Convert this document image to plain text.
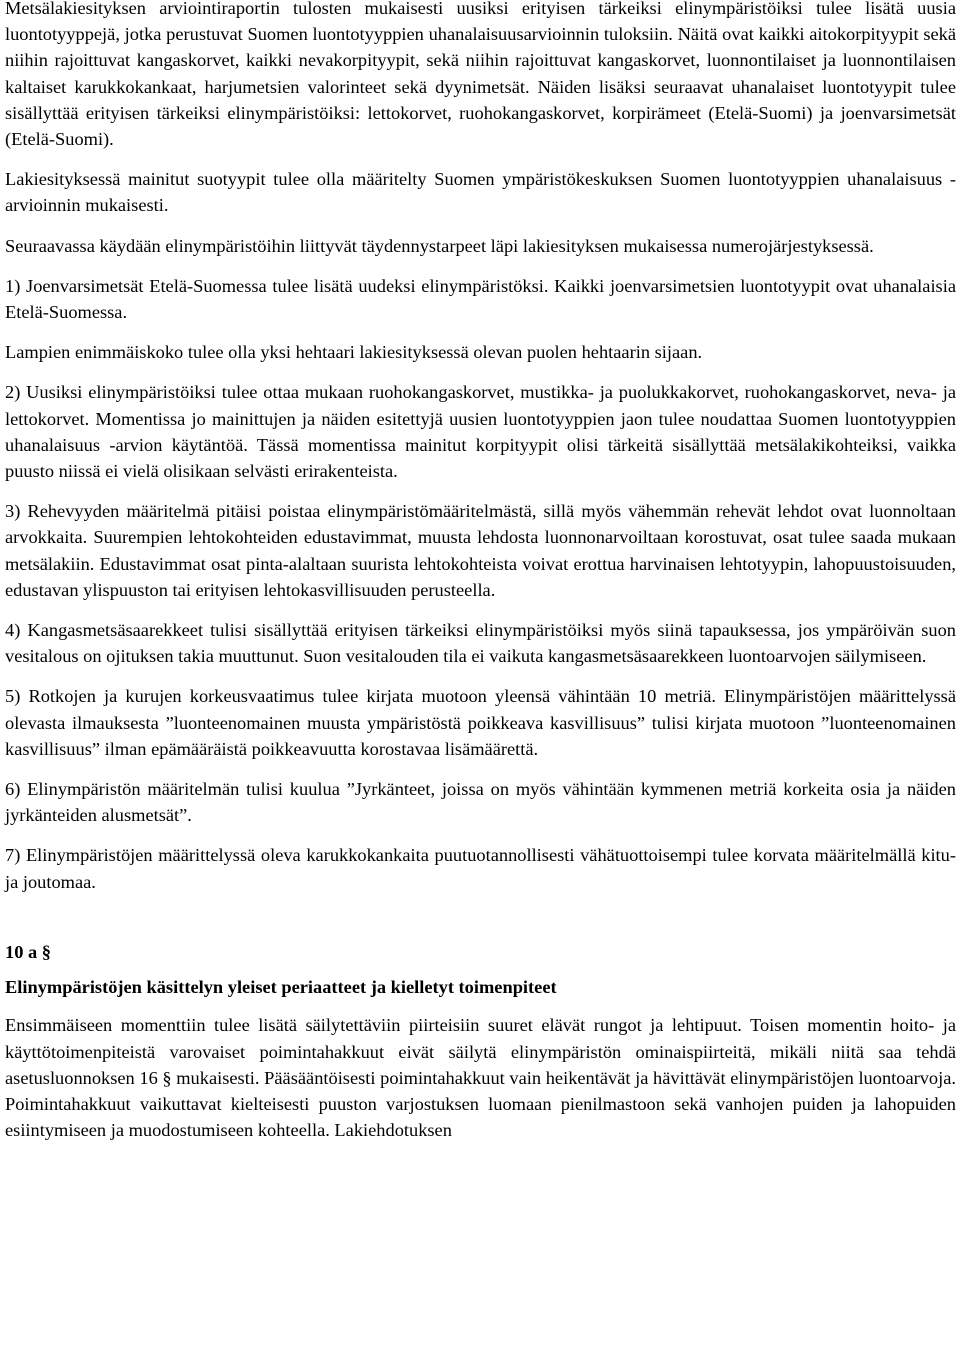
Metsälakiesityksen arviointiraportin tulosten mukaisesti uusiksi erityisen tärkeiksi elinympäristöiksi tulee lisätä uusia luontotyyppejä, jotka perustuvat Suomen luontotyyppien uhanalaisuusarvioinnin tuloksiin. Näitä ovat kaikki aitokorpityypit sekä niihin rajoittuvat kangaskorvet, kaikki nevakorpityypit, sekä niihin rajoittuvat kangaskorvet, luonnontilaiset ja luonnontilaisen kaltaiset karukkokankaat, harjumetsien valorinteet sekä dyynimetsät. Näiden lisäksi seuraavat uhanalaiset luontotyypit tulee sisällyttää erityisen tärkeiksi elinympäristöiksi: lettokorvet, ruohokangaskorvet, korpirämeet (Etelä-Suomi) ja joenvarsimetsät (Etelä-Suomi).

Lakiesityksessä mainitut suotyypit tulee olla määritelty Suomen ympäristökeskuksen Suomen luontotyyppien uhanalaisuus -arvioinnin mukaisesti.

Seuraavassa käydään elinympäristöihin liittyvät täydennystarpeet läpi lakiesityksen mukaisessa numerojärjestyksessä.

1) Joenvarsimetsät Etelä-Suomessa tulee lisätä uudeksi elinympäristöksi. Kaikki joenvarsimetsien luontotyypit ovat uhanalaisia Etelä-Suomessa.

Lampien enimmäiskoko tulee olla yksi hehtaari lakiesityksessä olevan puolen hehtaarin sijaan.

2) Uusiksi elinympäristöiksi tulee ottaa mukaan ruohokangaskorvet, mustikka- ja puolukkakorvet, ruohokangaskorvet, neva- ja lettokorvet. Momentissa jo mainittujen ja näiden esitettyjä uusien luontotyyppien jaon tulee noudattaa Suomen luontotyyppien uhanalaisuus -arvion käytäntöä. Tässä momentissa mainitut korpityypit olisi tärkeitä sisällyttää metsälakikohteiksi, vaikka puusto niissä ei vielä olisikaan selvästi erirakenteista.

3) Rehevyyden määritelmä pitäisi poistaa elinympäristömääritelmästä, sillä myös vähemmän rehevät lehdot ovat luonnoltaan arvokkaita. Suurempien lehtokohteiden edustavimmat, muusta lehdosta luonnonarvoiltaan korostuvat, osat tulee saada mukaan metsälakiin. Edustavimmat osat pinta-alaltaan suurista lehtokohteista voivat erottua harvinaisen lehtotyypin, lahopuustoisuuden, edustavan ylispuuston tai erityisen lehtokasvillisuuden perusteella.

4) Kangasmetsäsaarekkeet tulisi sisällyttää erityisen tärkeiksi elinympäristöiksi myös siinä tapauksessa, jos ympäröivän suon vesitalous on ojituksen takia muuttunut. Suon vesitalouden tila ei vaikuta kangasmetsäsaarekkeen luontoarvojen säilymiseen.

5) Rotkojen ja kurujen korkeusvaatimus tulee kirjata muotoon yleensä vähintään 10 metriä. Elinympäristöjen määrittelyssä olevasta ilmauksesta ”luonteenomainen muusta ympäristöstä poikkeava kasvillisuus” tulisi kirjata muotoon ”luonteenomainen kasvillisuus” ilman epämääräistä poikkeavuutta korostavaa lisämäärettä.

6) Elinympäristön määritelmän tulisi kuulua ”Jyrkänteet, joissa on myös vähintään kymmenen metriä korkeita osia ja näiden jyrkänteiden alusmetsät”.

7) Elinympäristöjen määrittelyssä oleva karukkokankaita puutuotannollisesti vähätuottoisempi tulee korvata määritelmällä kitu- ja joutomaa.

10 a §
Elinympäristöjen käsittelyn yleiset periaatteet ja kielletyt toimenpiteet

Ensimmäiseen momenttiin tulee lisätä säilytettäviin piirteisiin suuret elävät rungot ja lehtipuut. Toisen momentin hoito- ja käyttötoimenpiteistä varovaiset poimintahakkuut eivät säilytä elinympäristön ominaispiirteitä, mikäli niitä saa tehdä asetusluonnoksen 16 § mukaisesti. Pääsääntöisesti poimintahakkuut vain heikentävät ja hävittävät elinympäristöjen luontoarvoja. Poimintahakkuut vaikuttavat kielteisesti puuston varjostuksen luomaan pienilmastoon sekä vanhojen puiden ja lahopuiden esiintymiseen ja muodostumiseen kohteella. Lakiehdotuksen
